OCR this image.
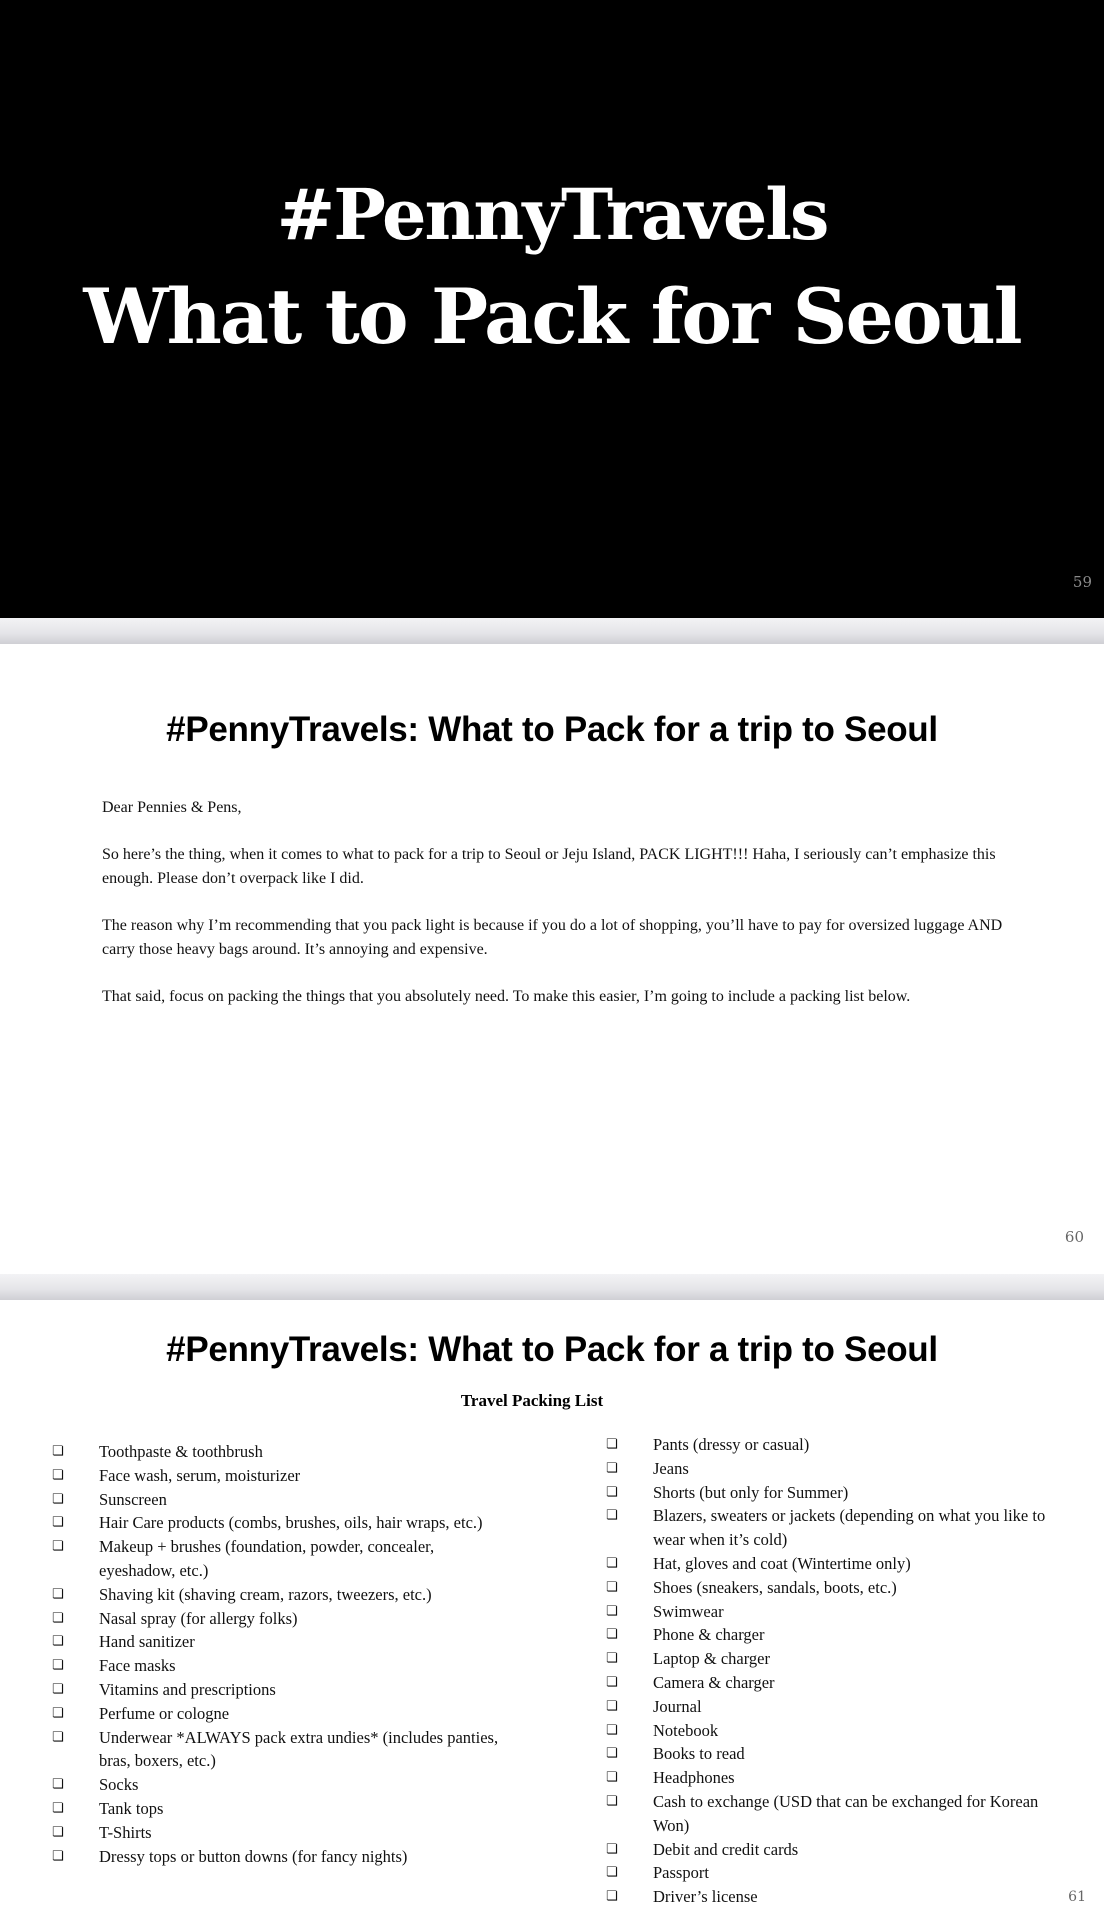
#PennyTravels
What to Pack for Seoul
59
#PennyTravels: What to Pack for a trip to Seoul

Dear Pennies & Pens,

So here’s the thing, when it comes to what to pack for a trip to Seoul or Jeju Island, PACK LIGHT!!! Haha, I seriously can’t emphasize this enough. Please don’t overpack like I did.

The reason why I’m recommending that you pack light is because if you do a lot of shopping, you’ll have to pay for oversized luggage AND carry those heavy bags around. It’s annoying and expensive.

That said, focus on packing the things that you absolutely need. To make this easier, I’m going to include a packing list below.

60
#PennyTravels: What to Pack for a trip to Seoul
Travel Packing List
❏	Toothpaste & toothbrush
❏	Face wash, serum, moisturizer
❏	Sunscreen
❏	Hair Care products (combs, brushes, oils, hair wraps, etc.)
❏	Makeup + brushes (foundation, powder, concealer, eyeshadow, etc.)
❏	Shaving kit (shaving cream, razors, tweezers, etc.)
❏	Nasal spray (for allergy folks)
❏	Hand sanitizer
❏	Face masks
❏	Vitamins and prescriptions
❏	Perfume or cologne
❏	Underwear *ALWAYS pack extra undies* (includes panties, bras, boxers, etc.)
❏	Socks
❏	Tank tops
❏	T-Shirts
❏	Dressy tops or button downs (for fancy nights)
❏	Pants (dressy or casual)
❏	Jeans
❏	Shorts (but only for Summer)
❏	Blazers, sweaters or jackets (depending on what you like to wear when it’s cold)
❏	Hat, gloves and coat (Wintertime only)
❏	Shoes (sneakers, sandals, boots, etc.)
❏	Swimwear
❏	Phone & charger
❏	Laptop & charger
❏	Camera & charger
❏	Journal
❏	Notebook
❏	Books to read
❏	Headphones
❏	Cash to exchange (USD that can be exchanged for Korean Won)
❏	Debit and credit cards
❏	Passport
❏	Driver’s license	61
